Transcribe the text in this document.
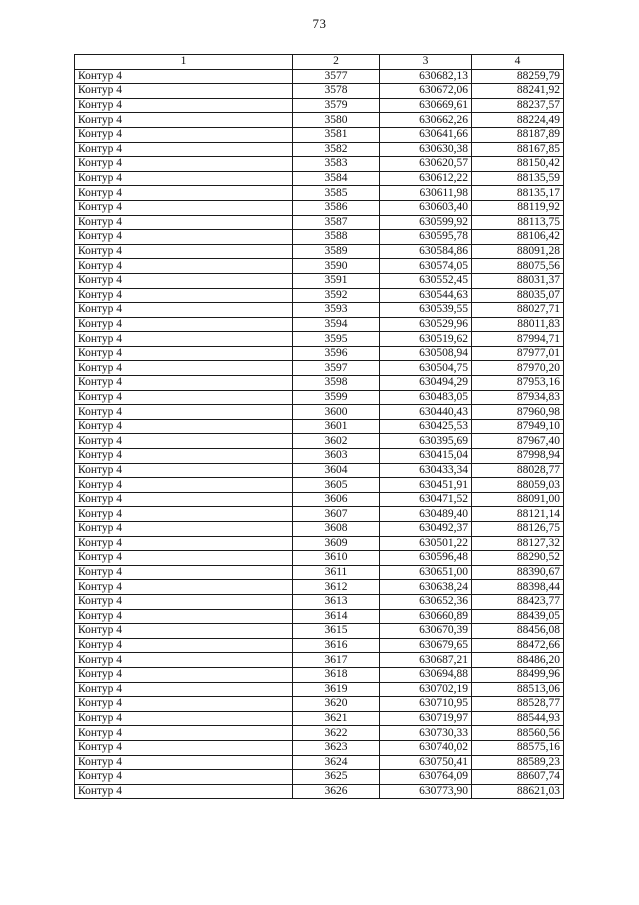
73
1	2	3	4
Контур 4	3577	630682,13	88259,79
Контур 4	3578	630672,06	88241,92
Контур 4	3579	630669,61	88237,57
Контур 4	3580	630662,26	88224,49
Контур 4	3581	630641,66	88187,89
Контур 4	3582	630630,38	88167,85
Контур 4	3583	630620,57	88150,42
Контур 4	3584	630612,22	88135,59
Контур 4	3585	630611,98	88135,17
Контур 4	3586	630603,40	88119,92
Контур 4	3587	630599,92	88113,75
Контур 4	3588	630595,78	88106,42
Контур 4	3589	630584,86	88091,28
Контур 4	3590	630574,05	88075,56
Контур 4	3591	630552,45	88031,37
Контур 4	3592	630544,63	88035,07
Контур 4	3593	630539,55	88027,71
Контур 4	3594	630529,96	88011,83
Контур 4	3595	630519,62	87994,71
Контур 4	3596	630508,94	87977,01
Контур 4	3597	630504,75	87970,20
Контур 4	3598	630494,29	87953,16
Контур 4	3599	630483,05	87934,83
Контур 4	3600	630440,43	87960,98
Контур 4	3601	630425,53	87949,10
Контур 4	3602	630395,69	87967,40
Контур 4	3603	630415,04	87998,94
Контур 4	3604	630433,34	88028,77
Контур 4	3605	630451,91	88059,03
Контур 4	3606	630471,52	88091,00
Контур 4	3607	630489,40	88121,14
Контур 4	3608	630492,37	88126,75
Контур 4	3609	630501,22	88127,32
Контур 4	3610	630596,48	88290,52
Контур 4	3611	630651,00	88390,67
Контур 4	3612	630638,24	88398,44
Контур 4	3613	630652,36	88423,77
Контур 4	3614	630660,89	88439,05
Контур 4	3615	630670,39	88456,08
Контур 4	3616	630679,65	88472,66
Контур 4	3617	630687,21	88486,20
Контур 4	3618	630694,88	88499,96
Контур 4	3619	630702,19	88513,06
Контур 4	3620	630710,95	88528,77
Контур 4	3621	630719,97	88544,93
Контур 4	3622	630730,33	88560,56
Контур 4	3623	630740,02	88575,16
Контур 4	3624	630750,41	88589,23
Контур 4	3625	630764,09	88607,74
Контур 4	3626	630773,90	88621,03
